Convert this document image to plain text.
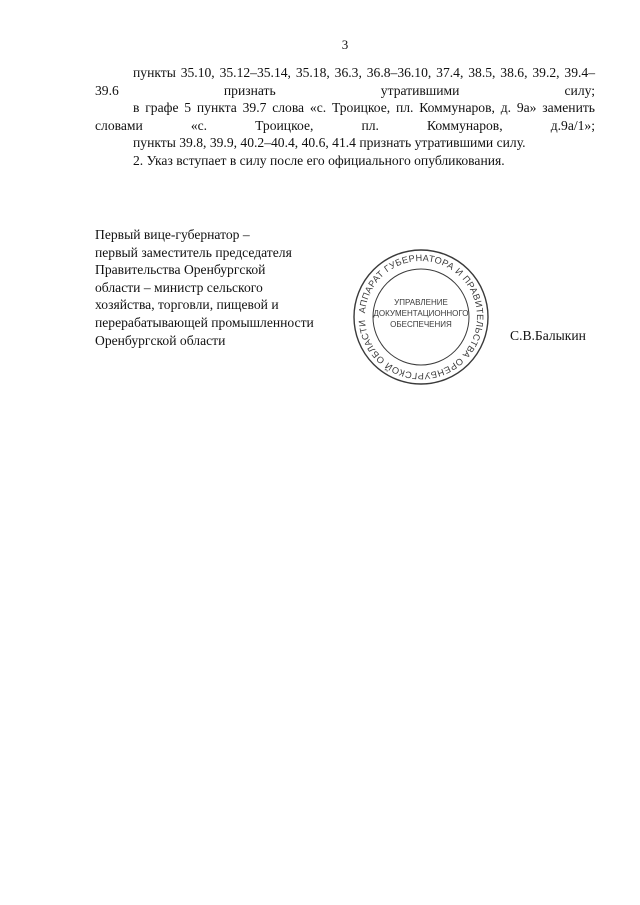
3

пункты 35.10, 35.12–35.14, 35.18, 36.3, 36.8–36.10, 37.4, 38.5, 38.6, 39.2, 39.4–39.6 признать утратившими силу;

в графе 5 пункта 39.7 слова «с. Троицкое, пл. Коммунаров, д. 9а» заменить словами «с. Троицкое, пл. Коммунаров, д.9а/1»;

пункты 39.8, 39.9, 40.2–40.4, 40.6, 41.4 признать утратившими силу.

2. Указ вступает в силу после его официального опубликования.

Первый вице-губернатор –
первый заместитель председателя
Правительства Оренбургской
области – министр сельского
хозяйства, торговли, пищевой и
перерабатывающей промышленности
Оренбургской области	С.В.Балыкин
АППАРАТ ГУБЕРНАТОРА И ПРАВИТЕЛЬСТВА ОРЕНБУРГСКОЙ ОБЛАСТИ
УПРАВЛЕНИЕ
ДОКУМЕНТАЦИОННОГО
ОБЕСПЕЧЕНИЯ
